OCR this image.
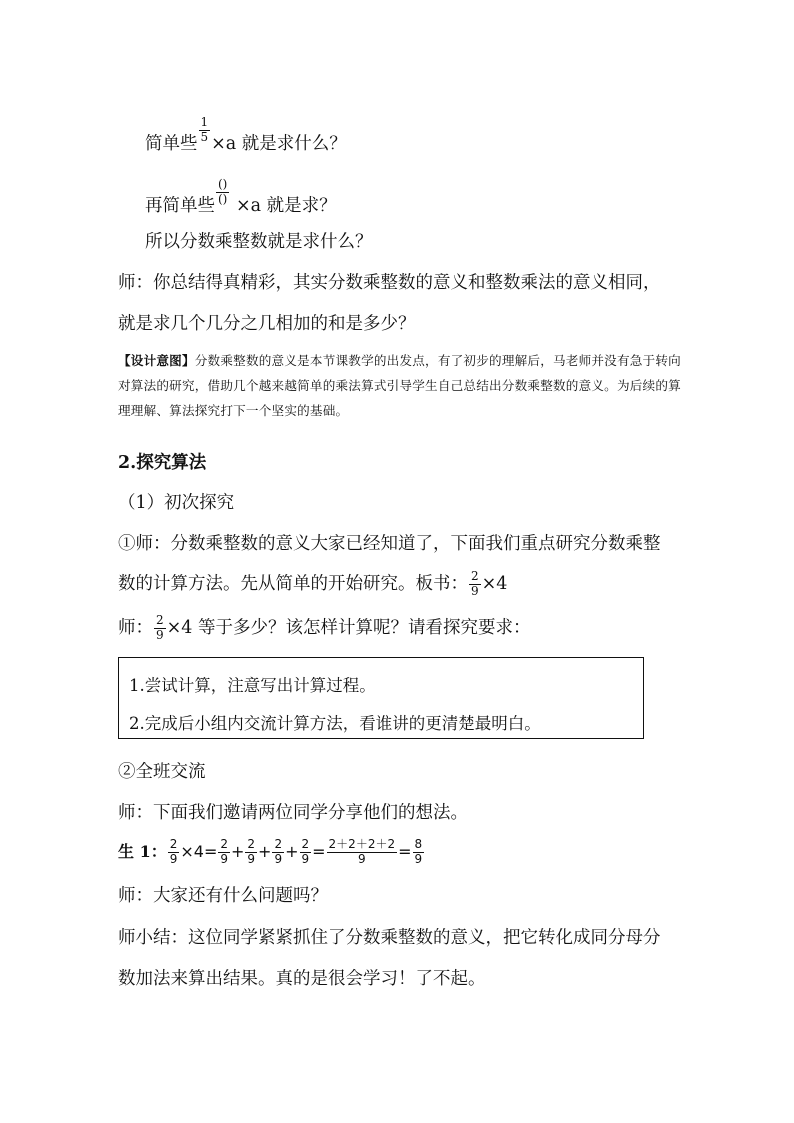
简单些 $\frac{1}{5} \times a$ 就是求什么？
再简单些 $\frac{()}{()} \times a$ 就是求？
所以分数乘整数就是求什么？
师：你总结得真精彩，其实分数乘整数的意义和整数乘法的意义相同，
就是求几个几分之几相加的和是多少？
【设计意图】分数乘整数的意义是本节课教学的出发点，有了初步的理解后，马老师并没有急于转向对算法的研究，借助几个越来越简单的乘法算式引导学生自己总结出分数乘整数的意义。为后续的算理理解、算法探究打下一个坚实的基础。
2.探究算法
（1）初次探究
①师：分数乘整数的意义大家已经知道了，下面我们重点研究分数乘整
数的计算方法。先从简单的开始研究。板书： $\frac{2}{9} \times 4$
师： $\frac{2}{9} \times 4$ 等于多少？该怎样计算呢？请看探究要求：
1.尝试计算，注意写出计算过程。
2.完成后小组内交流计算方法，看谁讲的更清楚最明白。
②全班交流
师：下面我们邀请两位同学分享他们的想法。
生 1： $\frac{2}{9} \times 4= \frac{2}{9} + \frac{2}{9} + \frac{2}{9} + \frac{2}{9} = \frac{2+2+2+2}{9} = \frac{8}{9}$
师：大家还有什么问题吗？
师小结：这位同学紧紧抓住了分数乘整数的意义，把它转化成同分母分
数加法来算出结果。真的是很会学习！了不起。
